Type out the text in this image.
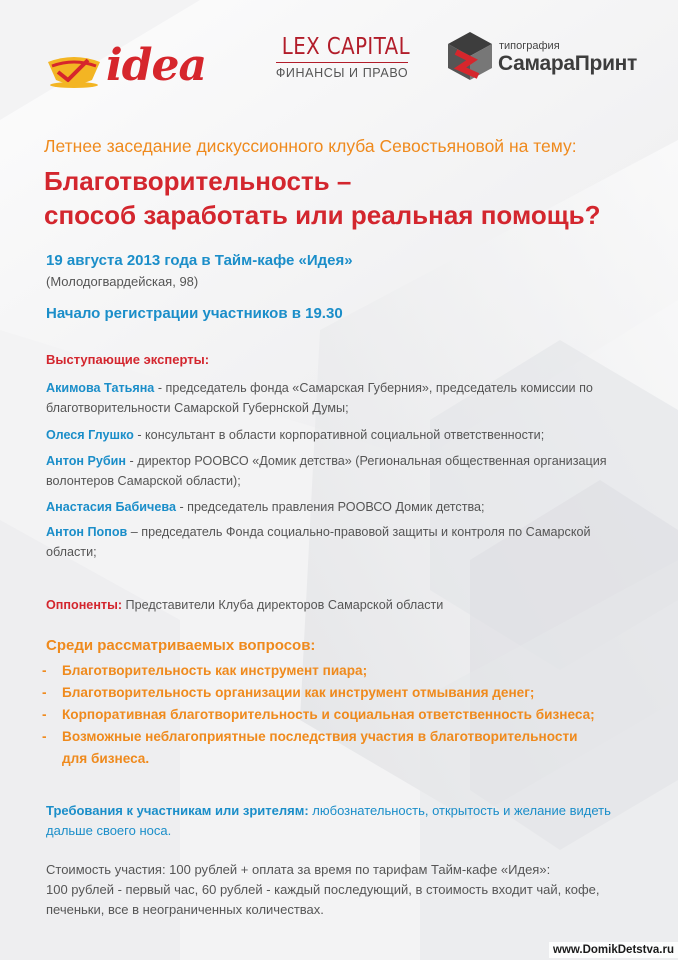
idea	LEX CAPITAL
ФИНАНСЫ И ПРАВО
типография
СамараПринт
Летнее заседание дискуссионного клуба Севостьяновой на тему:
Благотворительность –
способ заработать или реальная помощь?
19 августа 2013 года в Тайм-кафе «Идея»
(Молодогвардейская, 98)
Начало регистрации участников в 19.30
Выступающие эксперты:
Акимова Татьяна - председатель фонда «Самарская Губерния», председатель комиссии по
благотворительности Самарской Губернской Думы;
Олеся Глушко - консультант в области корпоративной социальной ответственности;
Антон Рубин - директор РООВСО «Домик детства» (Региональная общественная организация
волонтеров Самарской области);
Анастасия Бабичева - председатель правления РООВСО Домик детства;
Антон Попов – председатель Фонда социально-правовой защиты и контроля по Самарской
области;
Оппоненты: Представители Клуба директоров Самарской области
Среди рассматриваемых вопросов:
- Благотворительность как инструмент пиара;
- Благотворительность организации как инструмент отмывания денег;
- Корпоративная благотворительность и социальная ответственность бизнеса;
- Возможные неблагоприятные последствия участия в благотворительности
для бизнеса.
Требования к участникам или зрителям: любознательность, открытость и желание видеть
дальше своего носа.
Стоимость участия: 100 рублей + оплата за время по тарифам Тайм-кафе «Идея»:
100 рублей - первый час, 60 рублей - каждый последующий, в стоимость входит чай, кофе,
печеньки, все в неограниченных количествах.
www.DomikDetstva.ru
